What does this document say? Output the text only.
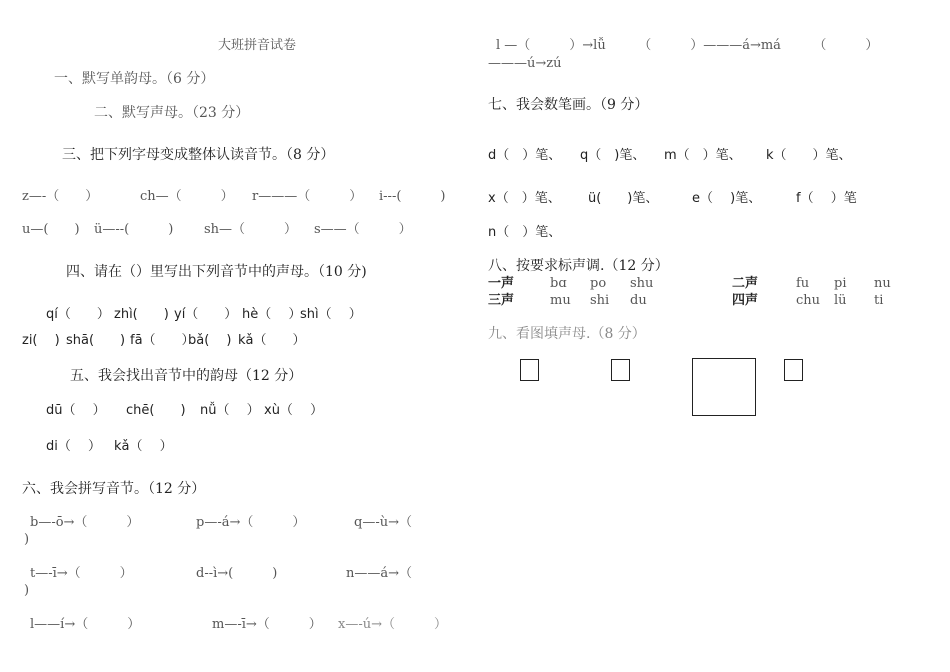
大班拼音试卷
一、默写单韵母。（6 分）
二、默写声母。（23 分）
三、把下列字母变成整体认读音节。（8 分）
z—-（　　）	ch—（　　　） r———（　　　） i---(　　　)
u—(　　) ü—--(　　　) sh—（　　　） s——（　　　）
四、请在（）里写出下列音节中的声母。（10 分)
qí（　　） zhì(　　) yí（　　） hè（　 ）
shì（　 ）
zi(　 ) shā(　　) fā（　　）
bǎ(　 ) kǎ（　　）
五、我会找出音节中的韵母（12 分）
dū（　 ） chē(　　) nǚ（　 ） xù（　 ）
di（　 ） kǎ（　 ）
六、我会拼写音节。（12 分）
b—-ō→（　　　）	p—-á→（　　　）	q—-ù→（
)
t—-ī→（　　　）	d--ì→(　　　)	n——á→（
)
l——í→（　　　）	m—-ī→（　　　） x—-ú→（　　　）
l —（　　　）→lǚ　　　（　　　）———á→má　　　（　　　）
———ú→zú
七、我会数笔画。（9 分）
d（　）笔、 q（　)笔、 m（　）笔、 k（　　）笔、
x（　）笔、 ü(　　)笔、	e（　 )笔、	f（　 ）笔
n（　）笔、
八、按要求标声调.（12 分）
一声	bɑ po shu	二声	fu pi nu
三声	mu shi du	四声	chu lü ti
九、看图填声母.（8 分）
